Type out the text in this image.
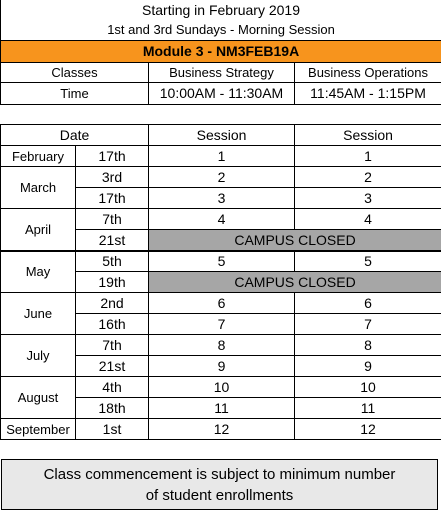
Starting in February 2019		
1st and 3rd Sundays - Morning Session		
Module 3 - NM3FEB19A		
Classes	Business Strategy	Business Operations
Time	10:00AM - 11:30AM	11:45AM - 1:15PM
Date		Session	Session
February	17th	1	1
March	3rd	2	2
	17th	3	3
April	7th	4	4
	21st	CAMPUS CLOSED	
May	5th	5	5
	19th	CAMPUS CLOSED	
June	2nd	6	6
	16th	7	7
July	7th	8	8
	21st	9	9
August	4th	10	10
	18th	11	11
September	1st	12	12
Class commencement is subject to minimum number of student enrollments
